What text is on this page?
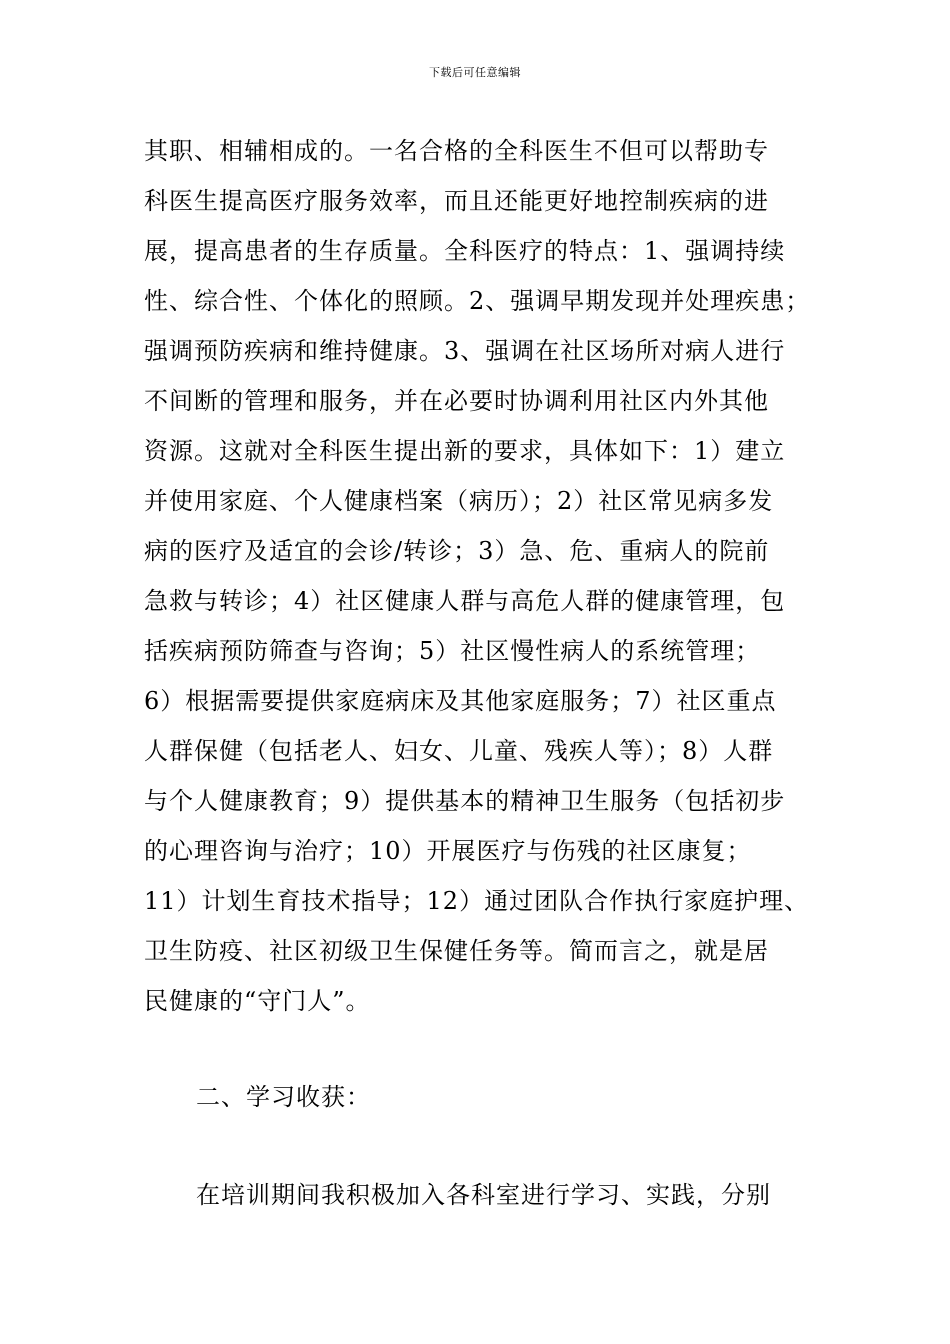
下载后可任意编辑
其职、相辅相成的。一名合格的全科医生不但可以帮助专
科医生提高医疗服务效率，而且还能更好地控制疾病的进
展，提高患者的生存质量。全科医疗的特点：1、强调持续
性、综合性、个体化的照顾。2、强调早期发现并处理疾患；
强调预防疾病和维持健康。3、强调在社区场所对病人进行
不间断的管理和服务，并在必要时协调利用社区内外其他
资源。这就对全科医生提出新的要求，具体如下：1）建立
并使用家庭、个人健康档案（病历）；2）社区常见病多发
病的医疗及适宜的会诊/转诊；3）急、危、重病人的院前
急救与转诊；4）社区健康人群与高危人群的健康管理，包
括疾病预防筛查与咨询；5）社区慢性病人的系统管理；
6）根据需要提供家庭病床及其他家庭服务；7）社区重点
人群保健（包括老人、妇女、儿童、残疾人等）；8）人群
与个人健康教育；9）提供基本的精神卫生服务（包括初步
的心理咨询与治疗；10）开展医疗与伤残的社区康复；
11）计划生育技术指导；12）通过团队合作执行家庭护理、
卫生防疫、社区初级卫生保健任务等。简而言之，就是居
民健康的“守门人”。
二、学习收获：
在培训期间我积极加入各科室进行学习、实践，分别
